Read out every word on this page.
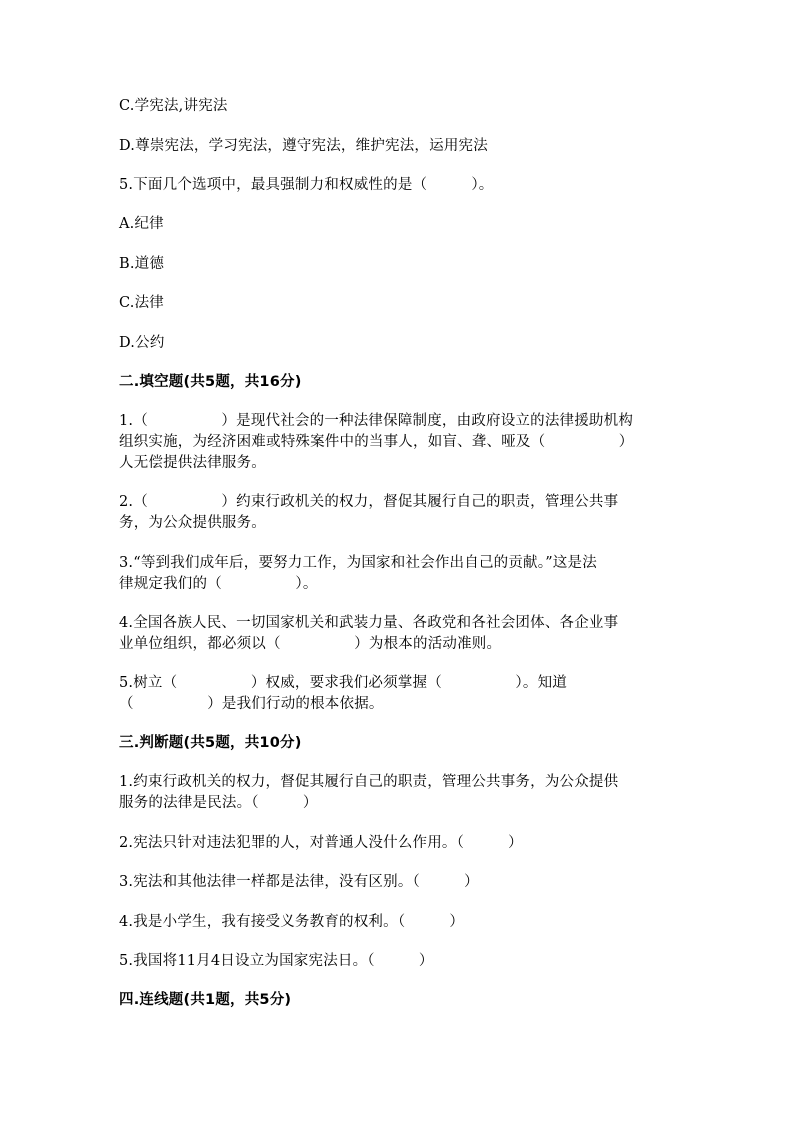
C.学宪法,讲宪法
D.尊崇宪法，学习宪法，遵守宪法，维护宪法，运用宪法
5.下面几个选项中，最具强制力和权威性的是（　　　）。
A.纪律
B.道德
C.法律
D.公约
二.填空题(共5题，共16分)
1.（　　　　　）是现代社会的一种法律保障制度，由政府设立的法律援助机构
组织实施，为经济困难或特殊案件中的当事人，如盲、聋、哑及（　　　　　）
人无偿提供法律服务。
2.（　　　　　）约束行政机关的权力，督促其履行自己的职责，管理公共事
务，为公众提供服务。
3.“等到我们成年后，要努力工作，为国家和社会作出自己的贡献。”这是法
律规定我们的（　　　　　）。
4.全国各族人民、一切国家机关和武装力量、各政党和各社会团体、各企业事
业单位组织，都必须以（　　　　　）为根本的活动准则。
5.树立（　　　　　）权威，要求我们必须掌握（　　　　　）。知道
（　　　　　）是我们行动的根本依据。
三.判断题(共5题，共10分)
1.约束行政机关的权力，督促其履行自己的职责，管理公共事务，为公众提供
服务的法律是民法。（　　　）
2.宪法只针对违法犯罪的人，对普通人没什么作用。（　　　）
3.宪法和其他法律一样都是法律，没有区别。（　　　）
4.我是小学生，我有接受义务教育的权利。（　　　）
5.我国将11月4日设立为国家宪法日。（　　　）
四.连线题(共1题，共5分)
